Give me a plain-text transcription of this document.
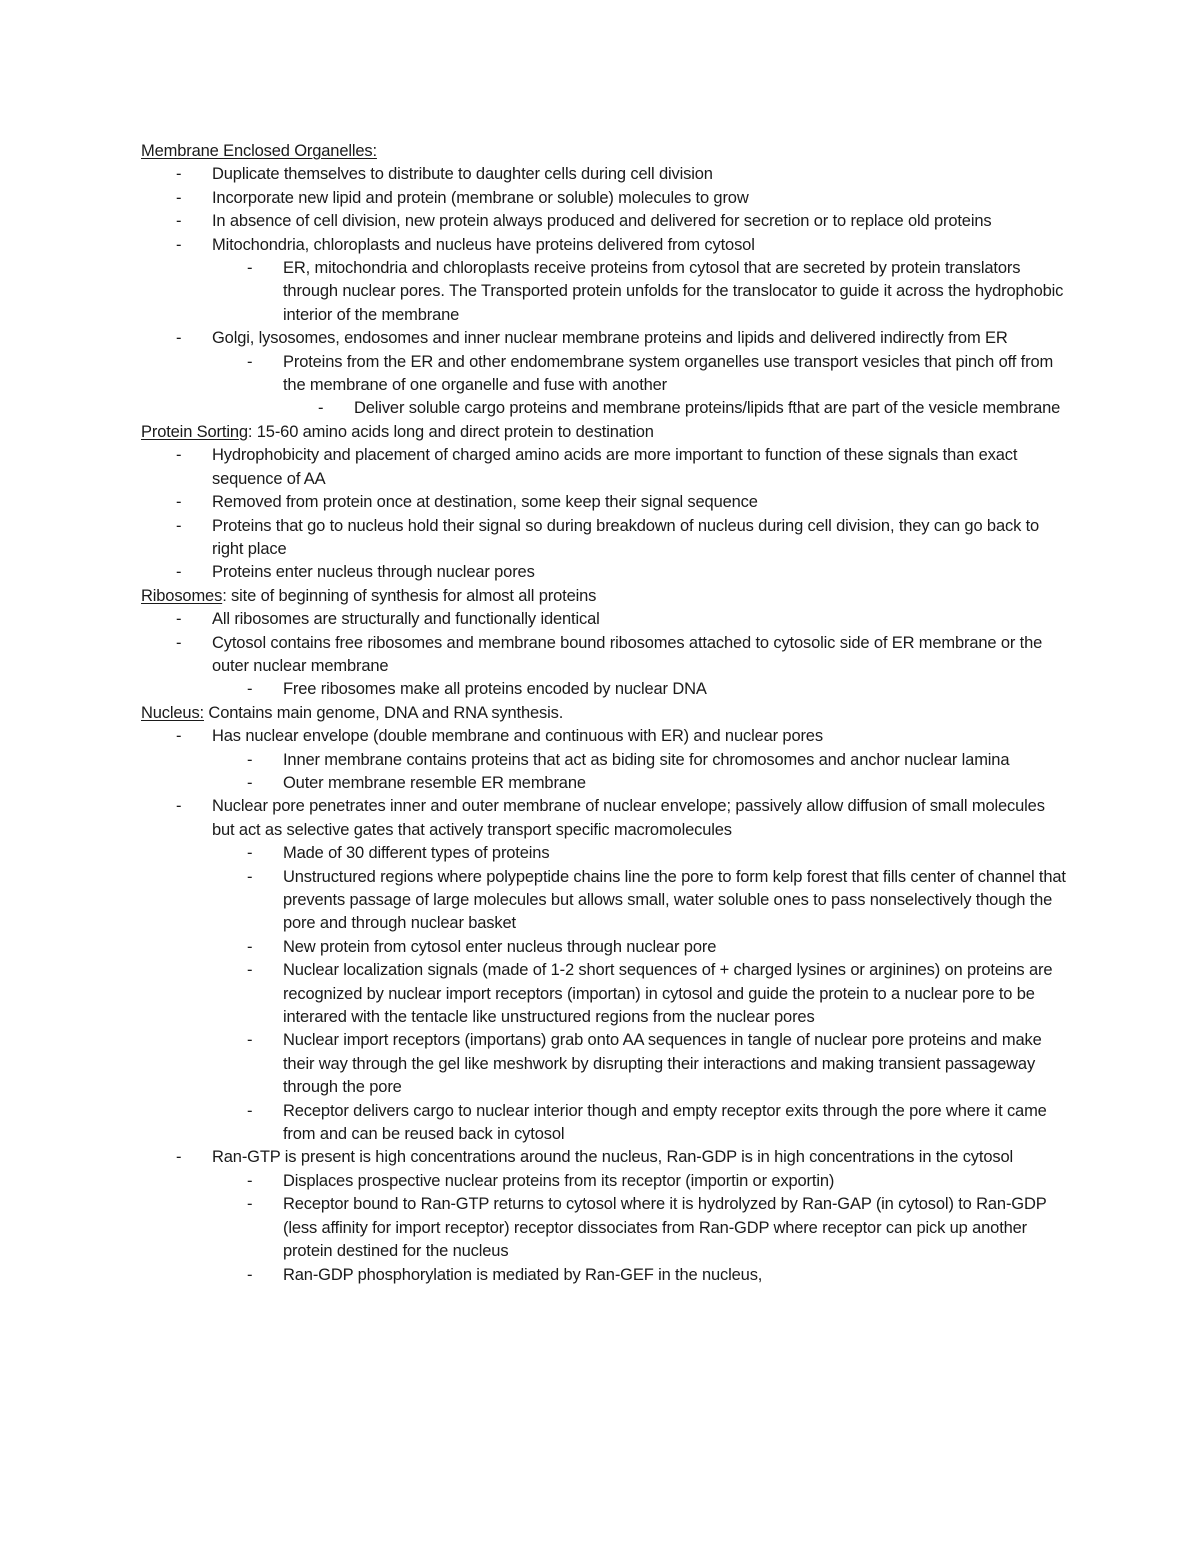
Membrane Enclosed Organelles:

- Duplicate themselves to distribute to daughter cells during cell division
- Incorporate new lipid and protein (membrane or soluble) molecules to grow
- In absence of cell division, new protein always produced and delivered for secretion or to replace old proteins
- Mitochondria, chloroplasts and nucleus have proteins delivered from cytosol
- ER, mitochondria and chloroplasts receive proteins from cytosol that are secreted by protein translators through nuclear pores. The Transported protein unfolds for the translocator to guide it across the hydrophobic interior of the membrane
- Golgi, lysosomes, endosomes and inner nuclear membrane proteins and lipids and delivered indirectly from ER
- Proteins from the ER and other endomembrane system organelles use transport vesicles that pinch off from the membrane of one organelle and fuse with another
- Deliver soluble cargo proteins and membrane proteins/lipids fthat are part of the vesicle membrane

Protein Sorting: 15-60 amino acids long and direct protein to destination

- Hydrophobicity and placement of charged amino acids are more important to function of these signals than exact sequence of AA
- Removed from protein once at destination, some keep their signal sequence
- Proteins that go to nucleus hold their signal so during breakdown of nucleus during cell division, they can go back to right place
- Proteins enter nucleus through nuclear pores

Ribosomes: site of beginning of synthesis for almost all proteins

- All ribosomes are structurally and functionally identical
- Cytosol contains free ribosomes and membrane bound ribosomes attached to cytosolic side of ER membrane or the outer nuclear membrane
- Free ribosomes make all proteins encoded by nuclear DNA

Nucleus: Contains main genome, DNA and RNA synthesis.

- Has nuclear envelope (double membrane and continuous with ER) and nuclear pores
- Inner membrane contains proteins that act as biding site for chromosomes and anchor nuclear lamina
- Outer membrane resemble ER membrane
- Nuclear pore penetrates inner and outer membrane of nuclear envelope; passively allow diffusion of small molecules but act as selective gates that actively transport specific macromolecules
- Made of 30 different types of proteins
- Unstructured regions where polypeptide chains line the pore to form kelp forest that fills center of channel that prevents passage of large molecules but allows small, water soluble ones to pass nonselectively though the pore and through nuclear basket
- New protein from cytosol enter nucleus through nuclear pore
- Nuclear localization signals (made of 1-2 short sequences of + charged lysines or arginines) on proteins are recognized by nuclear import receptors (importan) in cytosol and guide the protein to a nuclear pore to be interared with the tentacle like unstructured regions from the nuclear pores
- Nuclear import receptors (importans) grab onto AA sequences in tangle of nuclear pore proteins and make their way through the gel like meshwork by disrupting their interactions and making transient passageway through the pore
- Receptor delivers cargo to nuclear interior though and empty receptor exits through the pore where it came from and can be reused back in cytosol
- Ran-GTP is present is high concentrations around the nucleus, Ran-GDP is in high concentrations in the cytosol
- Displaces prospective nuclear proteins from its receptor (importin or exportin)
- Receptor bound to Ran-GTP returns to cytosol where it is hydrolyzed by Ran-GAP (in cytosol) to Ran-GDP (less affinity for import receptor) receptor dissociates from Ran-GDP where receptor can pick up another protein destined for the nucleus
- Ran-GDP phosphorylation is mediated by Ran-GEF in the nucleus,
